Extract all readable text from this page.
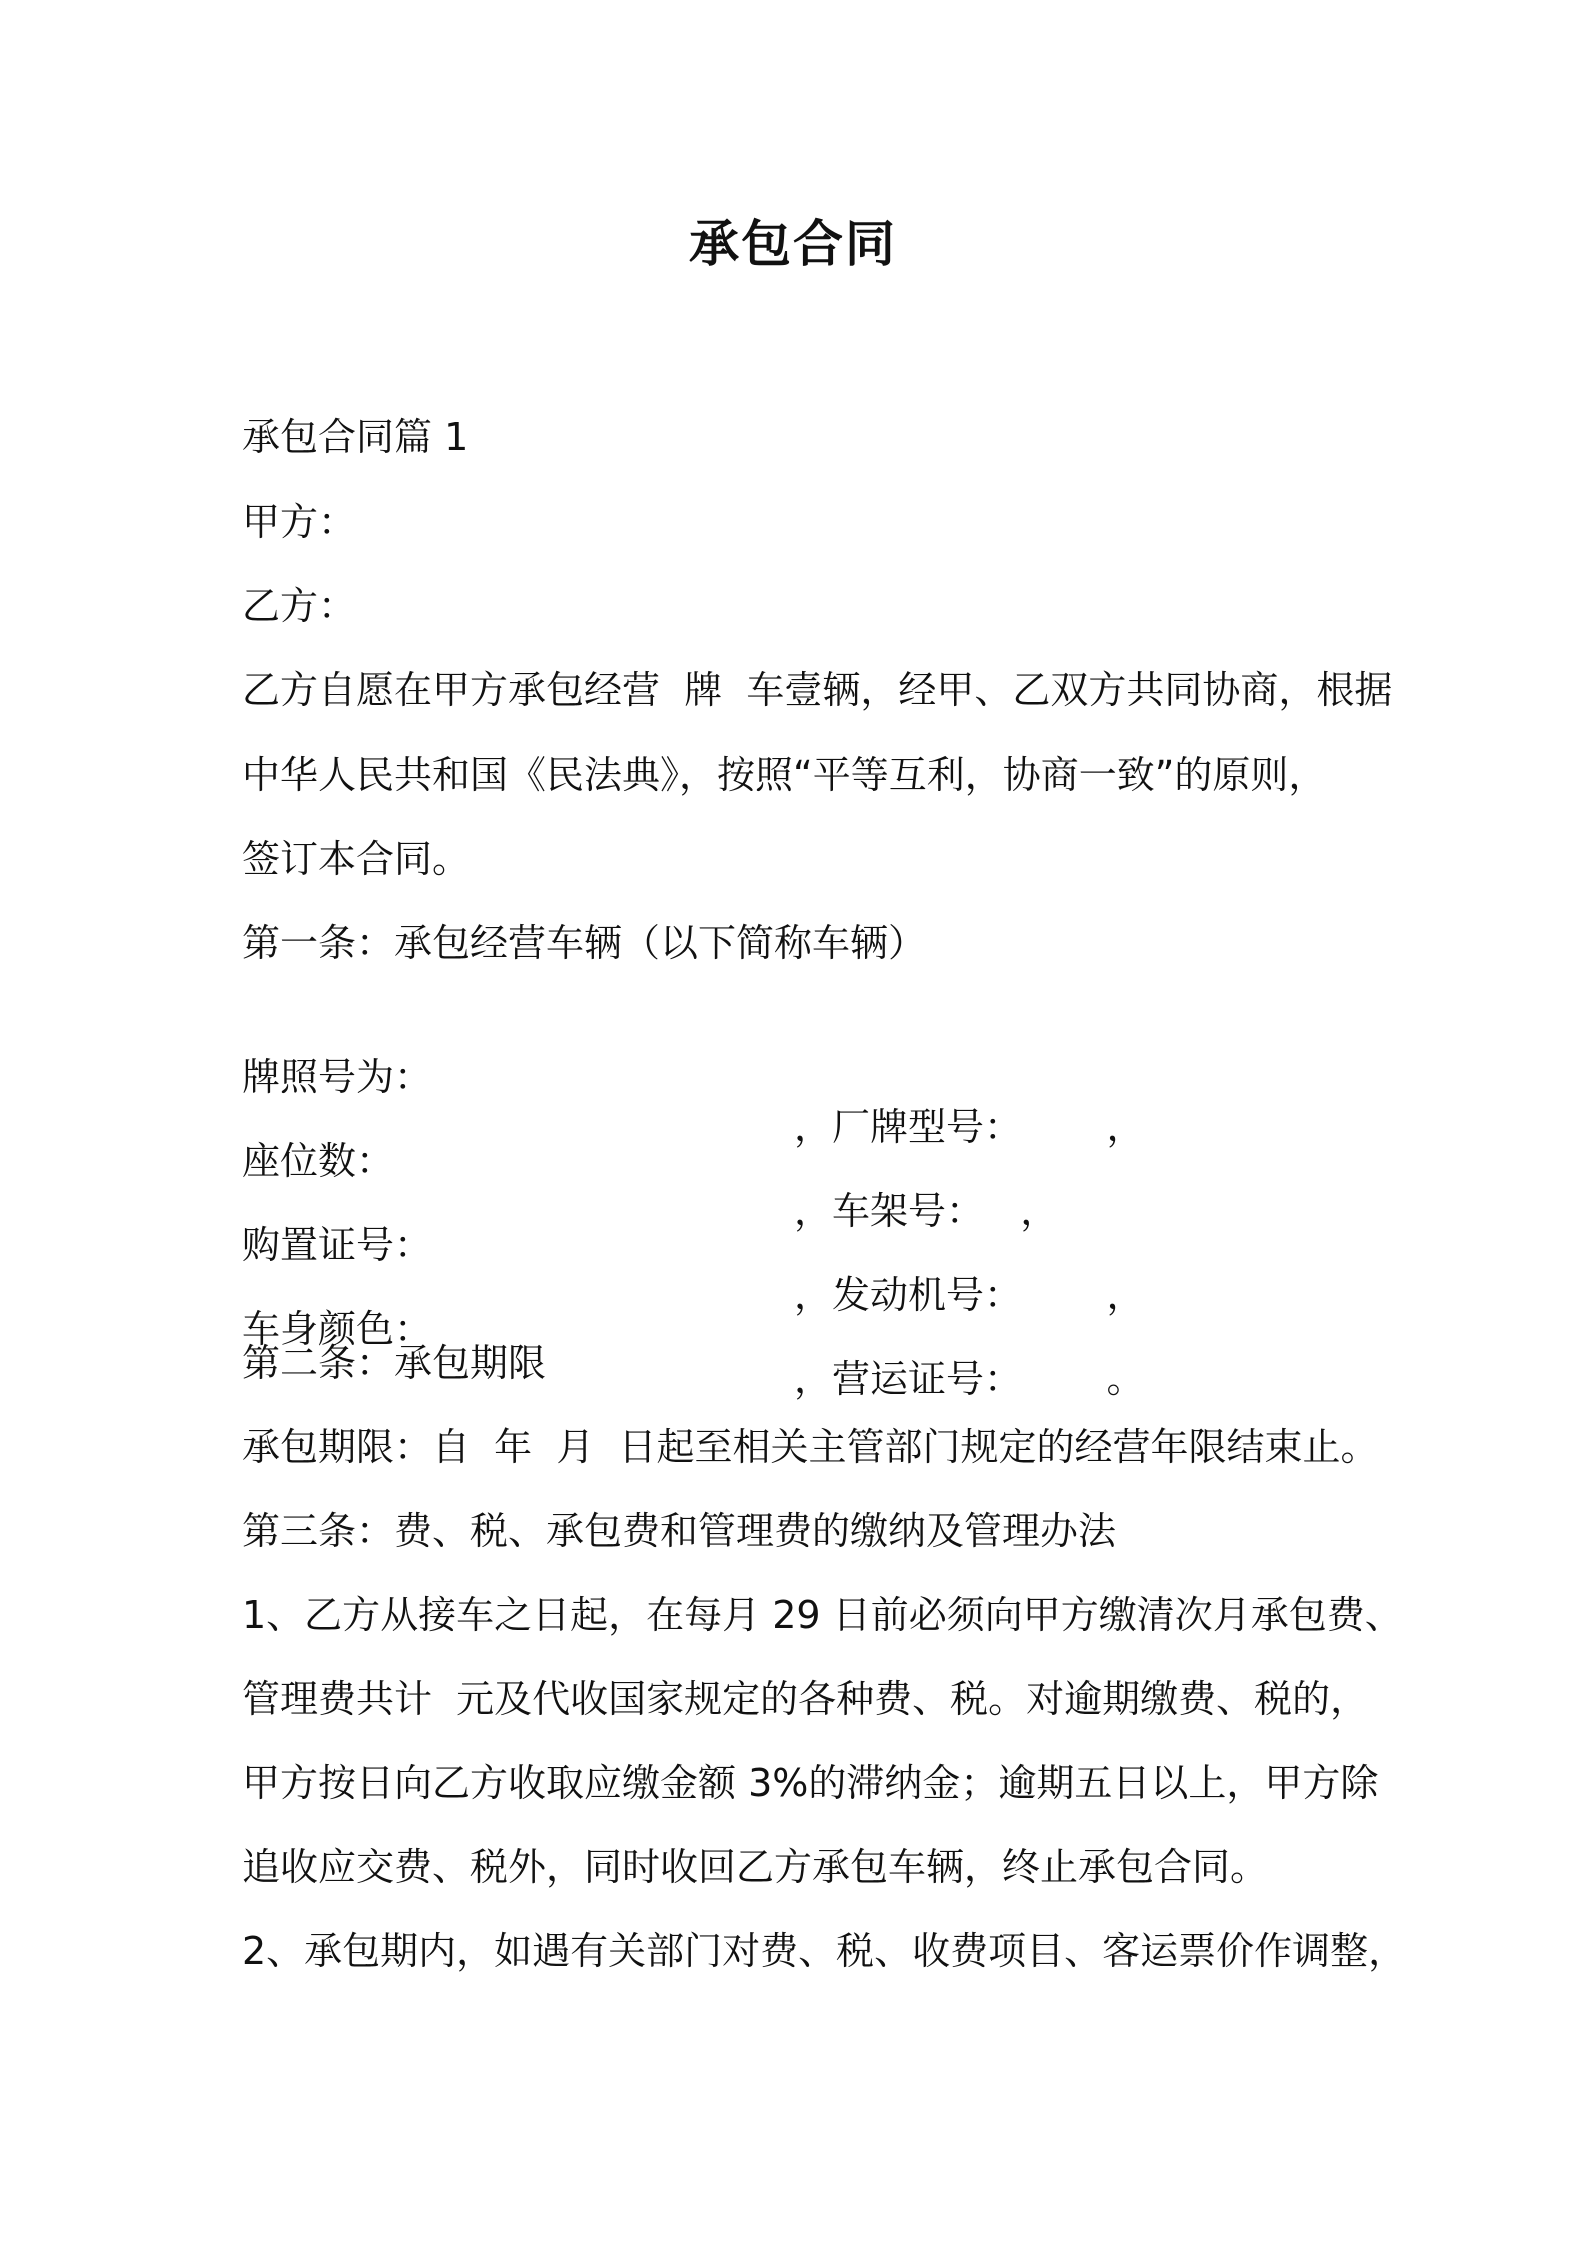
承包合同
承包合同篇 1
甲方：
乙方：
乙方自愿在甲方承包经营  牌  车壹辆，经甲、乙双方共同协商，根据
中华人民共和国《民法典》，按照“平等互利，协商一致”的原则，
签订本合同。
第一条：承包经营车辆（以下简称车辆）

牌照号为：

，厂牌型号：       ，

座位数：

，车架号：   ，

购置证号：

，发动机号：       ，

车身颜色：

，营运证号：       。

第二条：承包期限
承包期限：自  年  月  日起至相关主管部门规定的经营年限结束止。
第三条：费、税、承包费和管理费的缴纳及管理办法
1、乙方从接车之日起，在每月 29 日前必须向甲方缴清次月承包费、
管理费共计  元及代收国家规定的各种费、税。对逾期缴费、税的，
甲方按日向乙方收取应缴金额 3%的滞纳金；逾期五日以上，甲方除
追收应交费、税外，同时收回乙方承包车辆，终止承包合同。
2、承包期内，如遇有关部门对费、税、收费项目、客运票价作调整，
